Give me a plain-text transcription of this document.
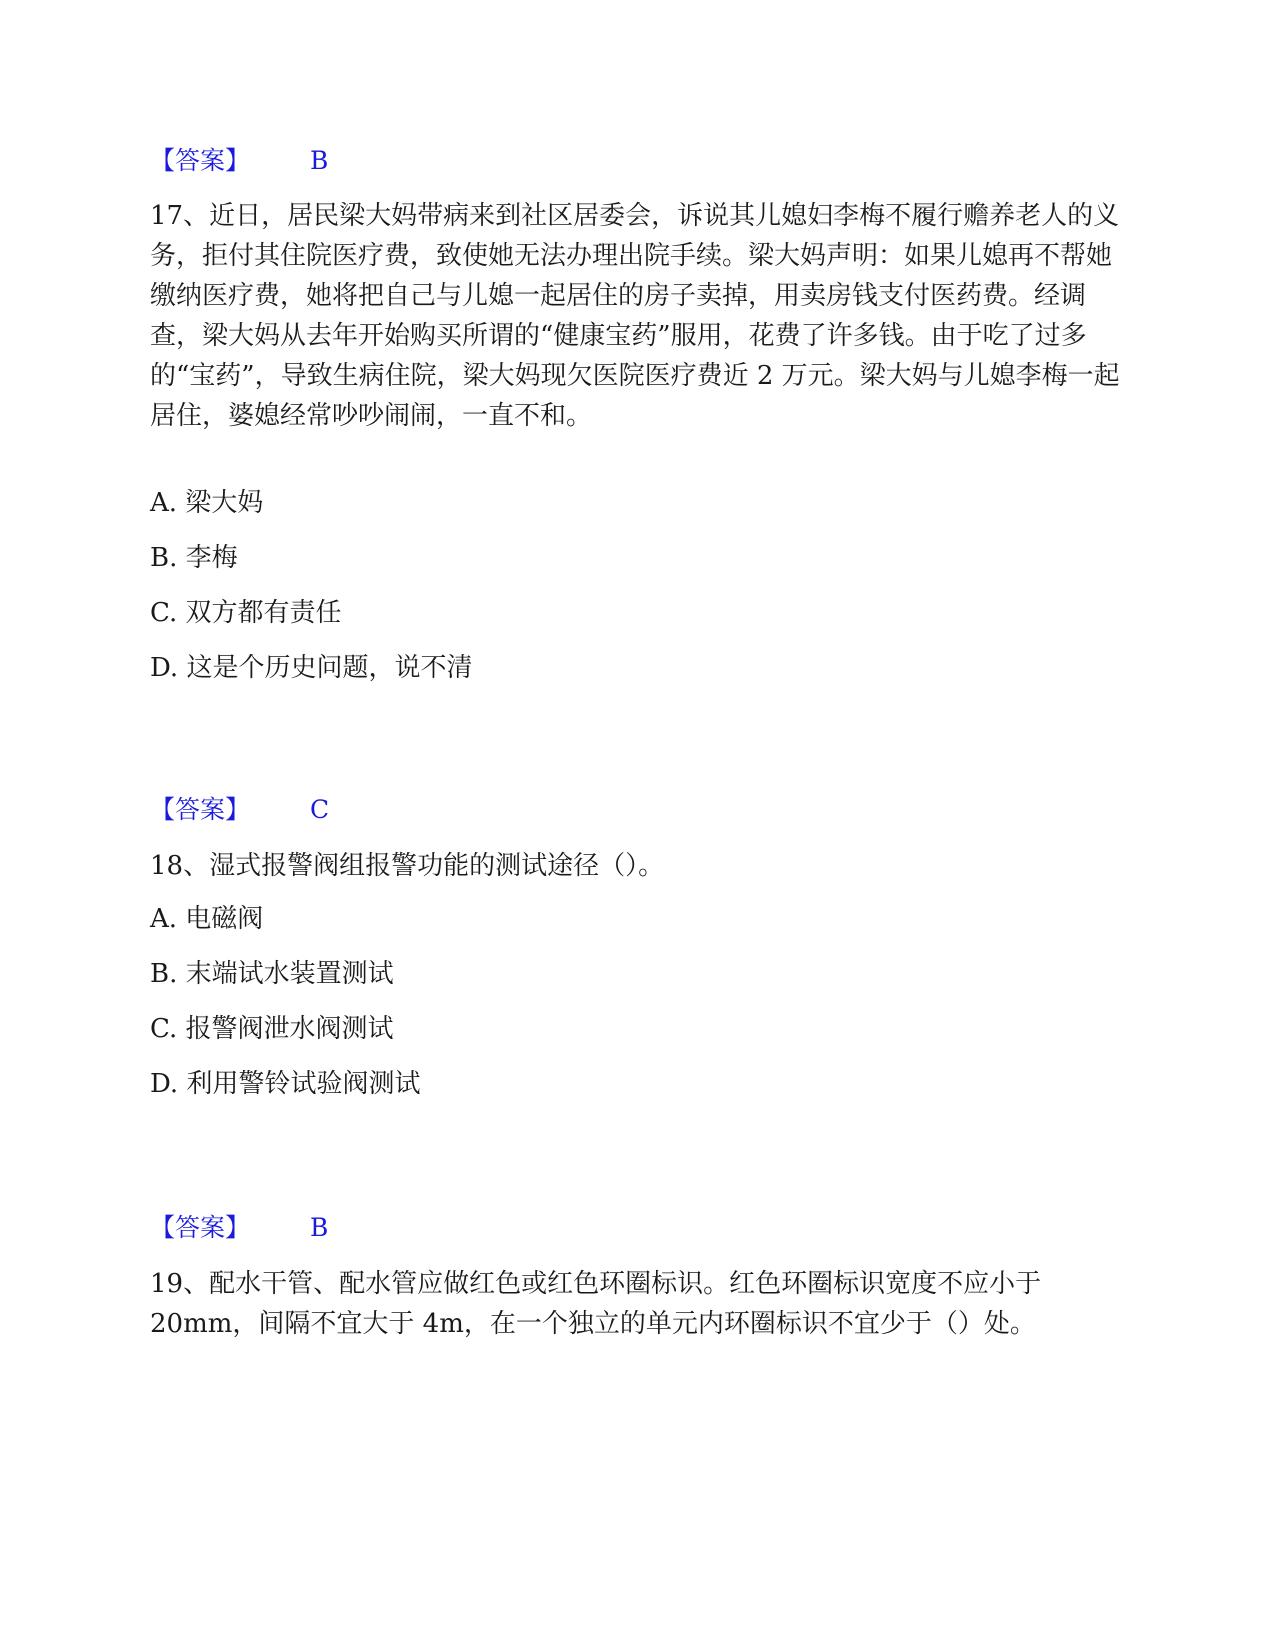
【答案】 B

17、近日，居民梁大妈带病来到社区居委会，诉说其儿媳妇李梅不履行赡养老人的义务，拒付其住院医疗费，致使她无法办理出院手续。梁大妈声明：如果儿媳再不帮她缴纳医疗费，她将把自己与儿媳一起居住的房子卖掉，用卖房钱支付医药费。经调查，梁大妈从去年开始购买所谓的“健康宝药”服用，花费了许多钱。由于吃了过多的“宝药”，导致生病住院，梁大妈现欠医院医疗费近 2 万元。梁大妈与儿媳李梅一起居住，婆媳经常吵吵闹闹，一直不和。

A. 梁大妈
B. 李梅
C. 双方都有责任
D. 这是个历史问题，说不清
【答案】 C

18、湿式报警阀组报警功能的测试途径（）。

A. 电磁阀
B. 末端试水装置测试
C. 报警阀泄水阀测试
D. 利用警铃试验阀测试
【答案】 B

19、配水干管、配水管应做红色或红色环圈标识。红色环圈标识宽度不应小于 20mm，间隔不宜大于 4m，在一个独立的单元内环圈标识不宜少于（）处。
